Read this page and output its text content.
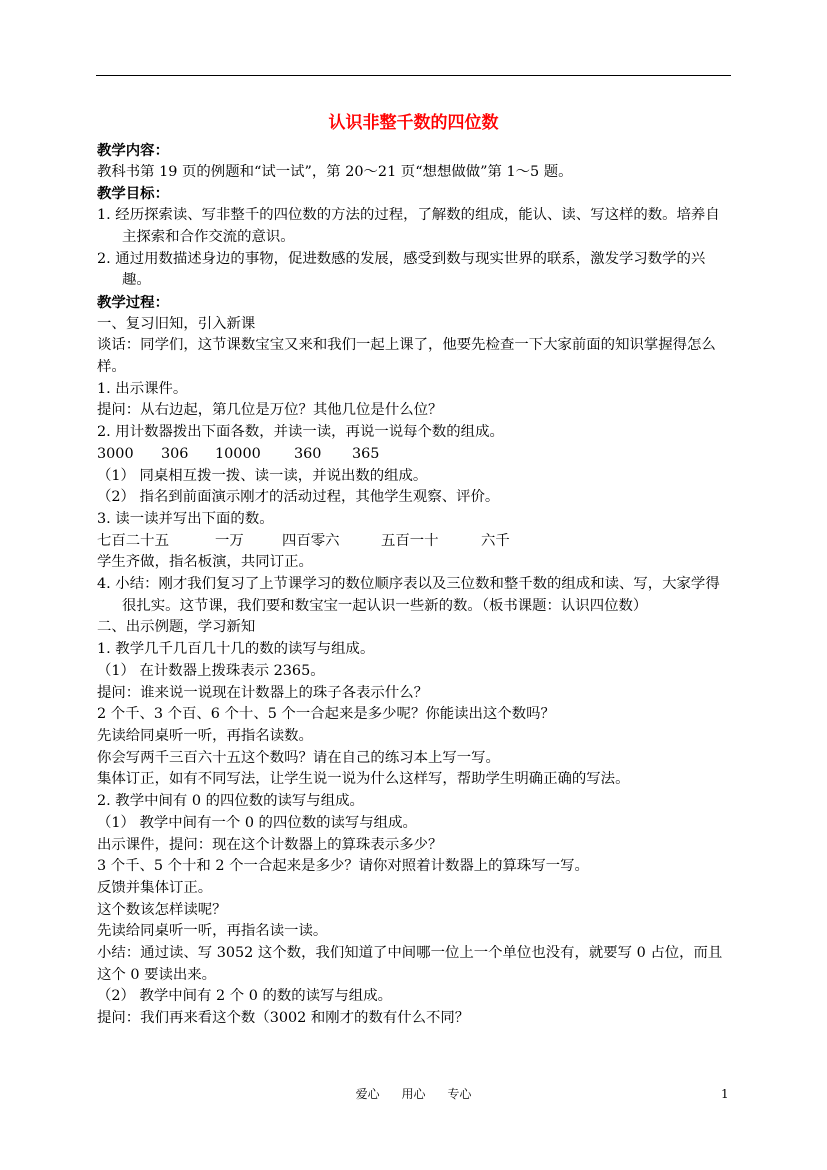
认识非整千数的四位数

教学内容：

教科书第 19 页的例题和“试一试”，第 20～21 页“想想做做”第 1～5 题。

教学目标：

1. 经历探索读、写非整千的四位数的方法的过程，了解数的组成，能认、读、写这样的数。培养自主探索和合作交流的意识。

2. 通过用数描述身边的事物，促进数感的发展，感受到数与现实世界的联系，激发学习数学的兴趣。

教学过程：

一、复习旧知，引入新课

谈话：同学们，这节课数宝宝又来和我们一起上课了，他要先检查一下大家前面的知识掌握得怎么样。

1. 出示课件。

提问：从右边起，第几位是万位？其他几位是什么位？

2. 用计数器拨出下面各数，并读一读，再说一说每个数的组成。

3000	306	10000	360	365

（1） 同桌相互拨一拨、读一读，并说出数的组成。

（2） 指名到前面演示刚才的活动过程，其他学生观察、评价。

3. 读一读并写出下面的数。

七百二十五	一万	四百零六	五百一十	六千

学生齐做，指名板演，共同订正。

4. 小结：刚才我们复习了上节课学习的数位顺序表以及三位数和整千数的组成和读、写，大家学得很扎实。这节课，我们要和数宝宝一起认识一些新的数。（板书课题：认识四位数）

二、出示例题，学习新知

1. 教学几千几百几十几的数的读写与组成。

（1） 在计数器上拨珠表示 2365。

提问：谁来说一说现在计数器上的珠子各表示什么？

2 个千、3 个百、6 个十、5 个一合起来是多少呢？你能读出这个数吗？

先读给同桌听一听，再指名读数。

你会写两千三百六十五这个数吗？请在自己的练习本上写一写。

集体订正，如有不同写法，让学生说一说为什么这样写，帮助学生明确正确的写法。

2. 教学中间有 0 的四位数的读写与组成。

（1） 教学中间有一个 0 的四位数的读写与组成。

出示课件，提问：现在这个计数器上的算珠表示多少？

3 个千、5 个十和 2 个一合起来是多少？请你对照着计数器上的算珠写一写。

反馈并集体订正。

这个数该怎样读呢？

先读给同桌听一听，再指名读一读。

小结：通过读、写 3052 这个数，我们知道了中间哪一位上一个单位也没有，就要写 0 占位，而且这个 0 要读出来。

（2） 教学中间有 2 个 0 的数的读写与组成。

提问：我们再来看这个数（3002 和刚才的数有什么不同？

爱心 用心 专心	1
